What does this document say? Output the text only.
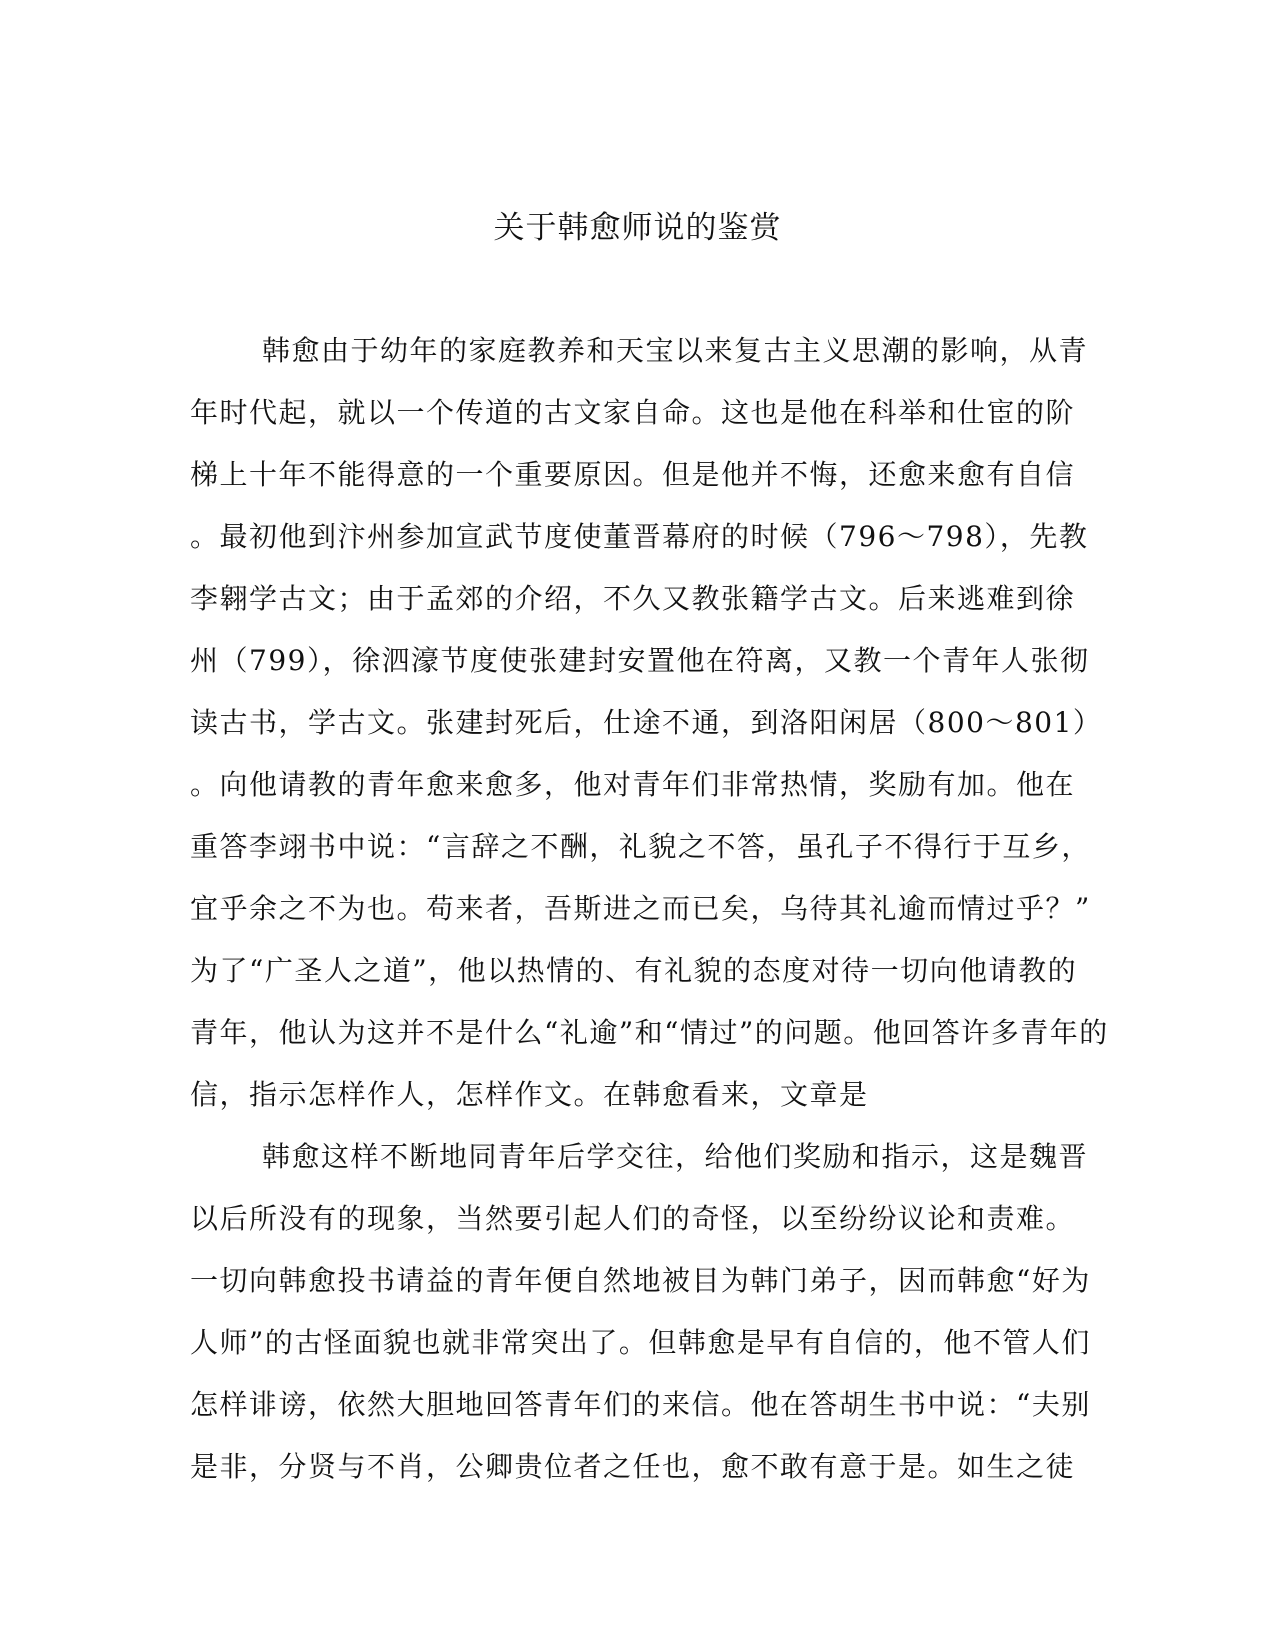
关于韩愈师说的鉴赏
韩愈由于幼年的家庭教养和天宝以来复古主义思潮的影响，从青
年时代起，就以一个传道的古文家自命。这也是他在科举和仕宦的阶
梯上十年不能得意的一个重要原因。但是他并不悔，还愈来愈有自信
。最初他到汴州参加宣武节度使董晋幕府的时候（796～798），先教
李翱学古文；由于孟郊的介绍，不久又教张籍学古文。后来逃难到徐
州（799），徐泗濠节度使张建封安置他在符离，又教一个青年人张彻
读古书，学古文。张建封死后，仕途不通，到洛阳闲居（800～801）
。向他请教的青年愈来愈多，他对青年们非常热情，奖励有加。他在
重答李翊书中说：“言辞之不酬，礼貌之不答，虽孔子不得行于互乡，
宜乎余之不为也。苟来者，吾斯进之而已矣，乌待其礼逾而情过乎？”
为了“广圣人之道”，他以热情的、有礼貌的态度对待一切向他请教的
青年，他认为这并不是什么“礼逾”和“情过”的问题。他回答许多青年的
信，指示怎样作人，怎样作文。在韩愈看来，文章是
韩愈这样不断地同青年后学交往，给他们奖励和指示，这是魏晋
以后所没有的现象，当然要引起人们的奇怪，以至纷纷议论和责难。
一切向韩愈投书请益的青年便自然地被目为韩门弟子，因而韩愈“好为
人师”的古怪面貌也就非常突出了。但韩愈是早有自信的，他不管人们
怎样诽谤，依然大胆地回答青年们的来信。他在答胡生书中说：“夫别
是非，分贤与不肖，公卿贵位者之任也，愈不敢有意于是。如生之徒
